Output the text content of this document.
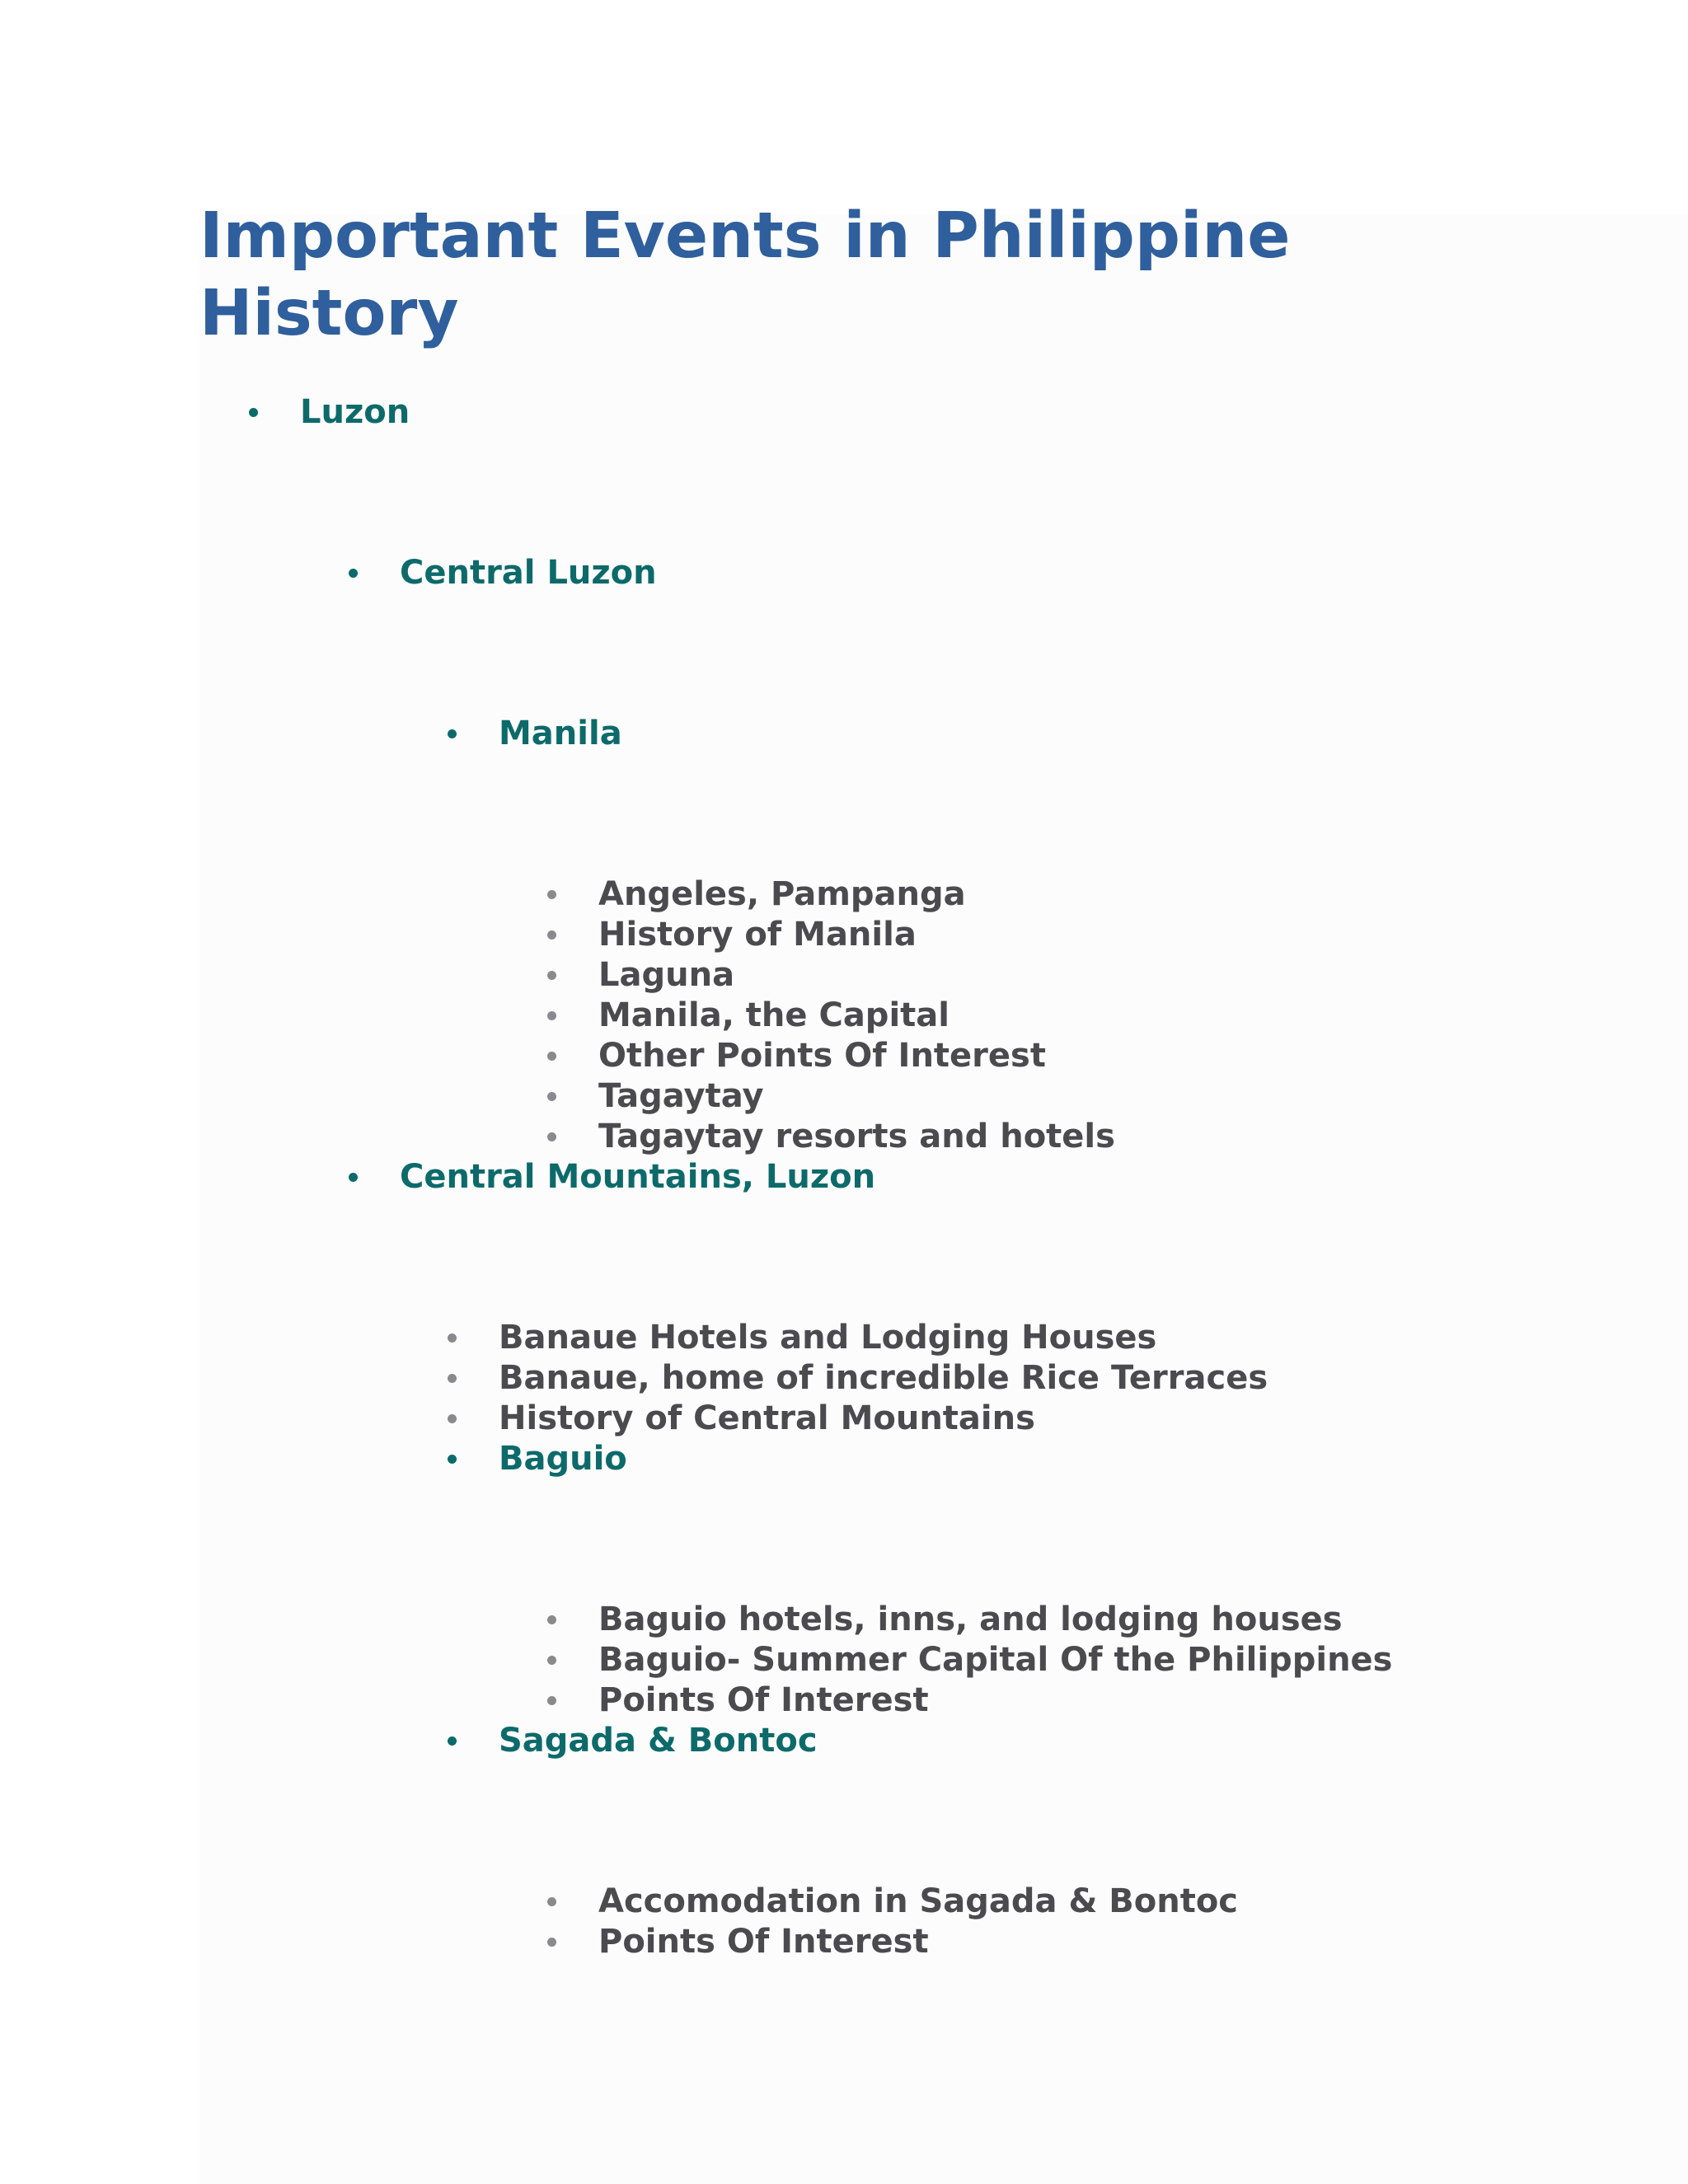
Important Events in Philippine History
Luzon
Central Luzon
Manila
Angeles, Pampanga
History of Manila
Laguna
Manila, the Capital
Other Points Of Interest
Tagaytay
Tagaytay resorts and hotels
Central Mountains, Luzon
Banaue Hotels and Lodging Houses
Banaue, home of incredible Rice Terraces
History of Central Mountains
Baguio
Baguio hotels, inns, and lodging houses
Baguio- Summer Capital Of the Philippines
Points Of Interest
Sagada & Bontoc
Accomodation in Sagada & Bontoc
Points Of Interest
